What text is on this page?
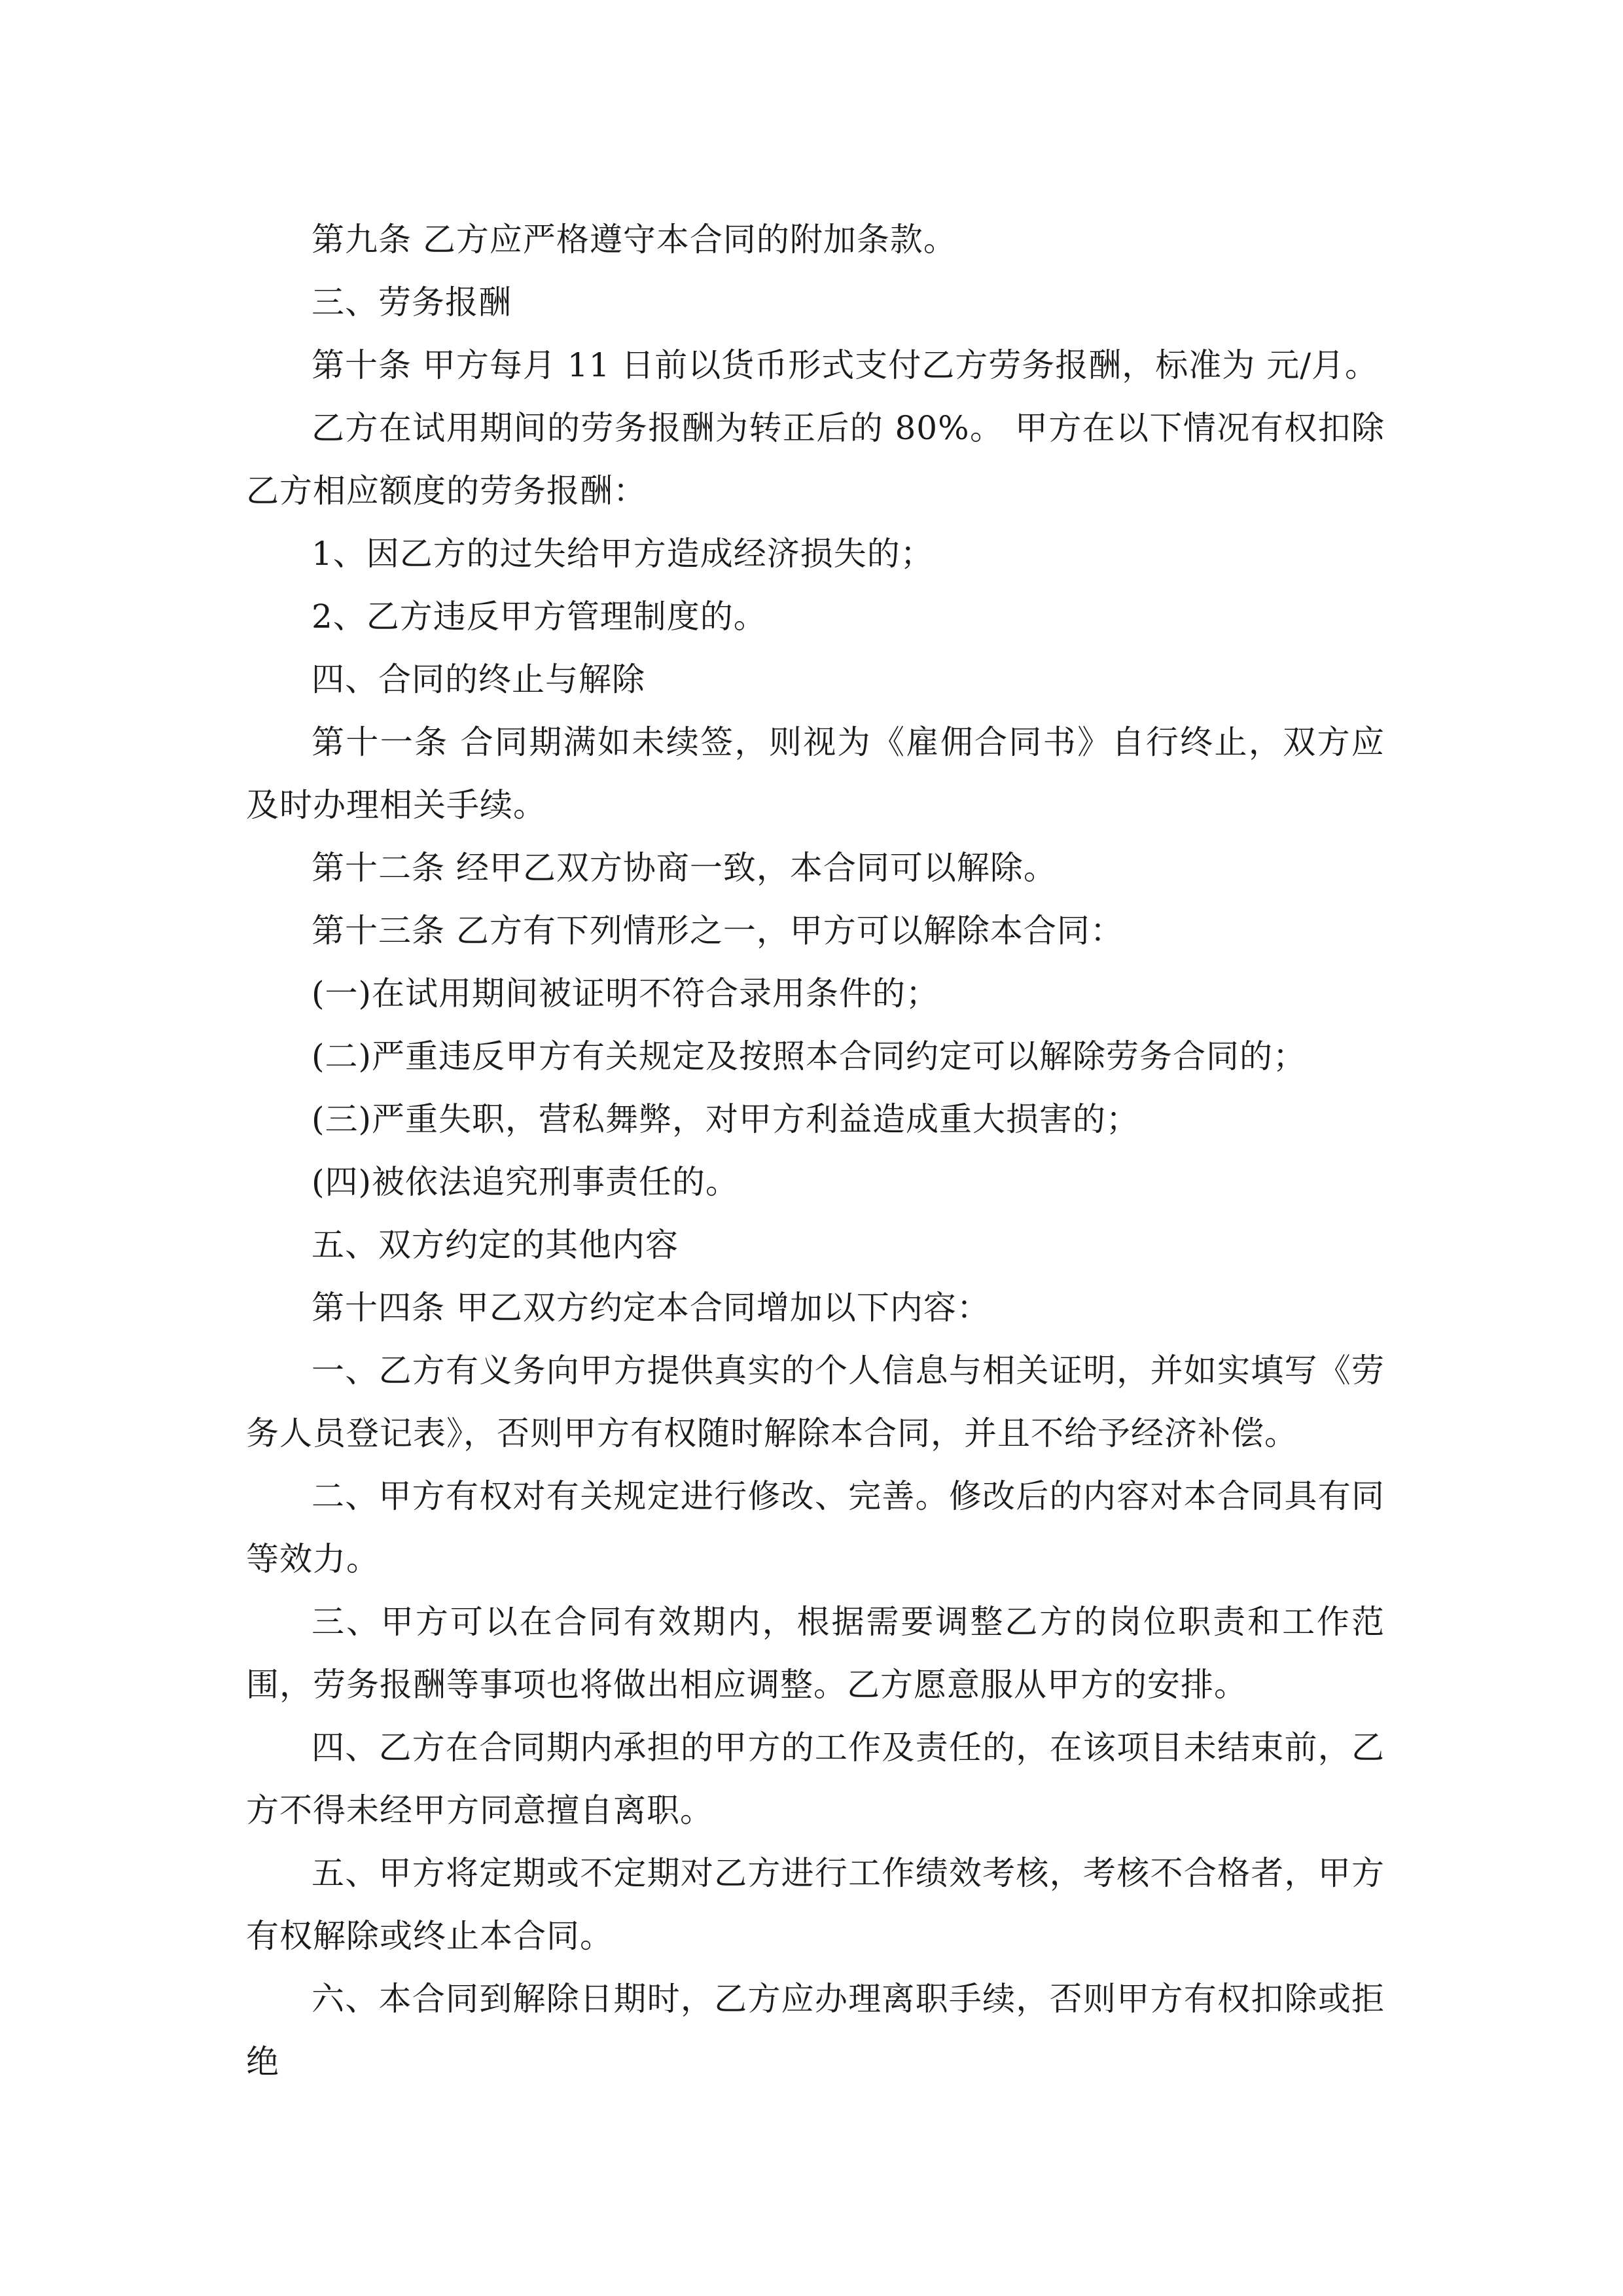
第九条 乙方应严格遵守本合同的附加条款。

三、劳务报酬

第十条 甲方每月 11 日前以货币形式支付乙方劳务报酬，标准为 元/月。

乙方在试用期间的劳务报酬为转正后的 80%。 甲方在以下情况有权扣除乙方相应额度的劳务报酬：

1、因乙方的过失给甲方造成经济损失的；

2、乙方违反甲方管理制度的。

四、合同的终止与解除

第十一条 合同期满如未续签，则视为《雇佣合同书》自行终止，双方应及时办理相关手续。

第十二条 经甲乙双方协商一致，本合同可以解除。

第十三条 乙方有下列情形之一，甲方可以解除本合同：

(一)在试用期间被证明不符合录用条件的；

(二)严重违反甲方有关规定及按照本合同约定可以解除劳务合同的；

(三)严重失职，营私舞弊，对甲方利益造成重大损害的；

(四)被依法追究刑事责任的。

五、双方约定的其他内容

第十四条 甲乙双方约定本合同增加以下内容：

一、乙方有义务向甲方提供真实的个人信息与相关证明，并如实填写《劳务人员登记表》，否则甲方有权随时解除本合同，并且不给予经济补偿。

二、甲方有权对有关规定进行修改、完善。修改后的内容对本合同具有同等效力。

三、甲方可以在合同有效期内，根据需要调整乙方的岗位职责和工作范围，劳务报酬等事项也将做出相应调整。乙方愿意服从甲方的安排。

四、乙方在合同期内承担的甲方的工作及责任的，在该项目未结束前，乙方不得未经甲方同意擅自离职。

五、甲方将定期或不定期对乙方进行工作绩效考核，考核不合格者，甲方有权解除或终止本合同。

六、本合同到解除日期时，乙方应办理离职手续，否则甲方有权扣除或拒绝
